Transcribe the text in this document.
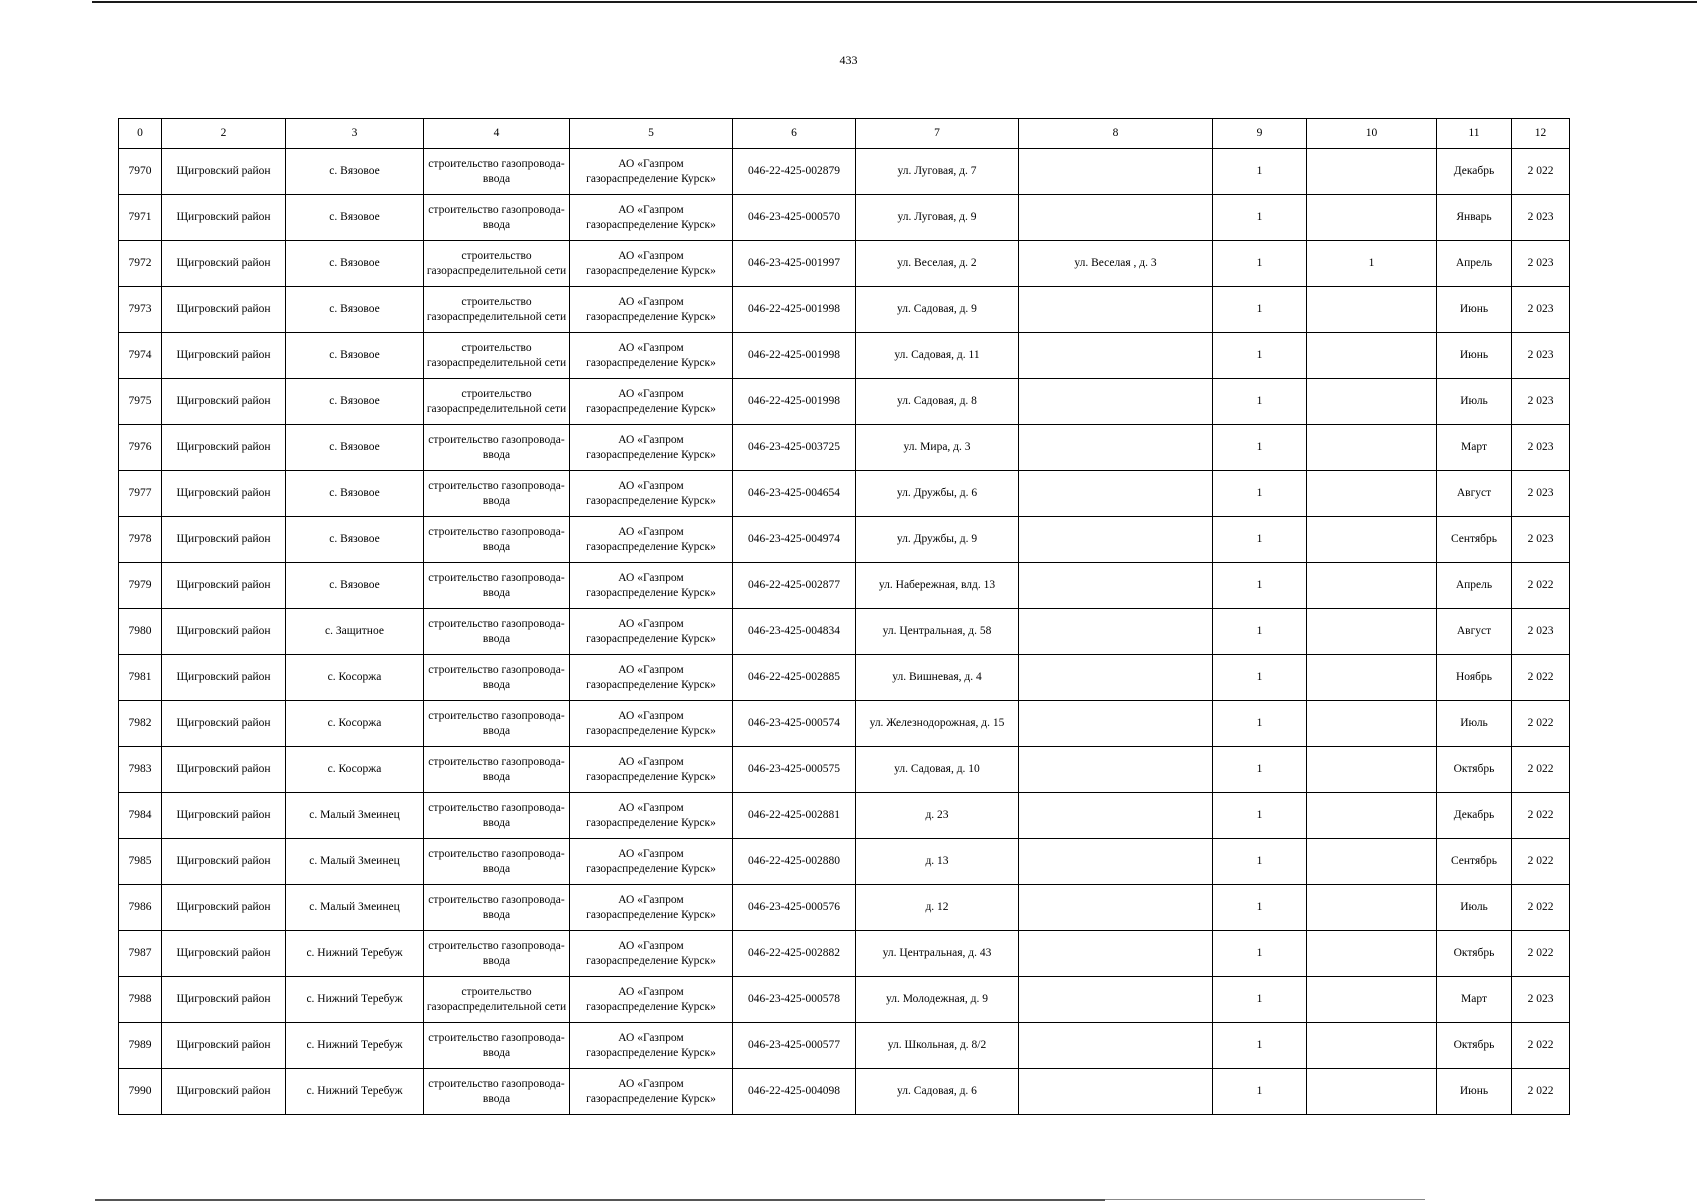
433
0	2	3	4	5	6	7	8	9	10	11	12
7970	Щигровский район	с. Вязовое	строительство газопровода-ввода	АО «Газпром газораспределение Курск»	046-22-425-002879	ул. Луговая, д. 7		1		Декабрь	2 022
7971	Щигровский район	с. Вязовое	строительство газопровода-ввода	АО «Газпром газораспределение Курск»	046-23-425-000570	ул. Луговая, д. 9		1		Январь	2 023
7972	Щигровский район	с. Вязовое	строительство газораспределительной сети	АО «Газпром газораспределение Курск»	046-23-425-001997	ул. Веселая, д. 2	ул. Веселая , д. 3	1	1	Апрель	2 023
7973	Щигровский район	с. Вязовое	строительство газораспределительной сети	АО «Газпром газораспределение Курск»	046-22-425-001998	ул. Садовая, д. 9		1		Июнь	2 023
7974	Щигровский район	с. Вязовое	строительство газораспределительной сети	АО «Газпром газораспределение Курск»	046-22-425-001998	ул. Садовая, д. 11		1		Июнь	2 023
7975	Щигровский район	с. Вязовое	строительство газораспределительной сети	АО «Газпром газораспределение Курск»	046-22-425-001998	ул. Садовая, д. 8		1		Июль	2 023
7976	Щигровский район	с. Вязовое	строительство газопровода-ввода	АО «Газпром газораспределение Курск»	046-23-425-003725	ул. Мира, д. 3		1		Март	2 023
7977	Щигровский район	с. Вязовое	строительство газопровода-ввода	АО «Газпром газораспределение Курск»	046-23-425-004654	ул. Дружбы, д. 6		1		Август	2 023
7978	Щигровский район	с. Вязовое	строительство газопровода-ввода	АО «Газпром газораспределение Курск»	046-23-425-004974	ул. Дружбы, д. 9		1		Сентябрь	2 023
7979	Щигровский район	с. Вязовое	строительство газопровода-ввода	АО «Газпром газораспределение Курск»	046-22-425-002877	ул. Набережная, влд. 13		1		Апрель	2 022
7980	Щигровский район	с. Защитное	строительство газопровода-ввода	АО «Газпром газораспределение Курск»	046-23-425-004834	ул. Центральная, д. 58		1		Август	2 023
7981	Щигровский район	с. Косоржа	строительство газопровода-ввода	АО «Газпром газораспределение Курск»	046-22-425-002885	ул. Вишневая, д. 4		1		Ноябрь	2 022
7982	Щигровский район	с. Косоржа	строительство газопровода-ввода	АО «Газпром газораспределение Курск»	046-23-425-000574	ул. Железнодорожная, д. 15		1		Июль	2 022
7983	Щигровский район	с. Косоржа	строительство газопровода-ввода	АО «Газпром газораспределение Курск»	046-23-425-000575	ул. Садовая, д. 10		1		Октябрь	2 022
7984	Щигровский район	с. Малый Змеинец	строительство газопровода-ввода	АО «Газпром газораспределение Курск»	046-22-425-002881	д. 23		1		Декабрь	2 022
7985	Щигровский район	с. Малый Змеинец	строительство газопровода-ввода	АО «Газпром газораспределение Курск»	046-22-425-002880	д. 13		1		Сентябрь	2 022
7986	Щигровский район	с. Малый Змеинец	строительство газопровода-ввода	АО «Газпром газораспределение Курск»	046-23-425-000576	д. 12		1		Июль	2 022
7987	Щигровский район	с. Нижний Теребуж	строительство газопровода-ввода	АО «Газпром газораспределение Курск»	046-22-425-002882	ул. Центральная, д. 43		1		Октябрь	2 022
7988	Щигровский район	с. Нижний Теребуж	строительство газораспределительной сети	АО «Газпром газораспределение Курск»	046-23-425-000578	ул. Молодежная, д. 9		1		Март	2 023
7989	Щигровский район	с. Нижний Теребуж	строительство газопровода-ввода	АО «Газпром газораспределение Курск»	046-23-425-000577	ул. Школьная, д. 8/2		1		Октябрь	2 022
7990	Щигровский район	с. Нижний Теребуж	строительство газопровода-ввода	АО «Газпром газораспределение Курск»	046-22-425-004098	ул. Садовая, д. 6		1		Июнь	2 022
